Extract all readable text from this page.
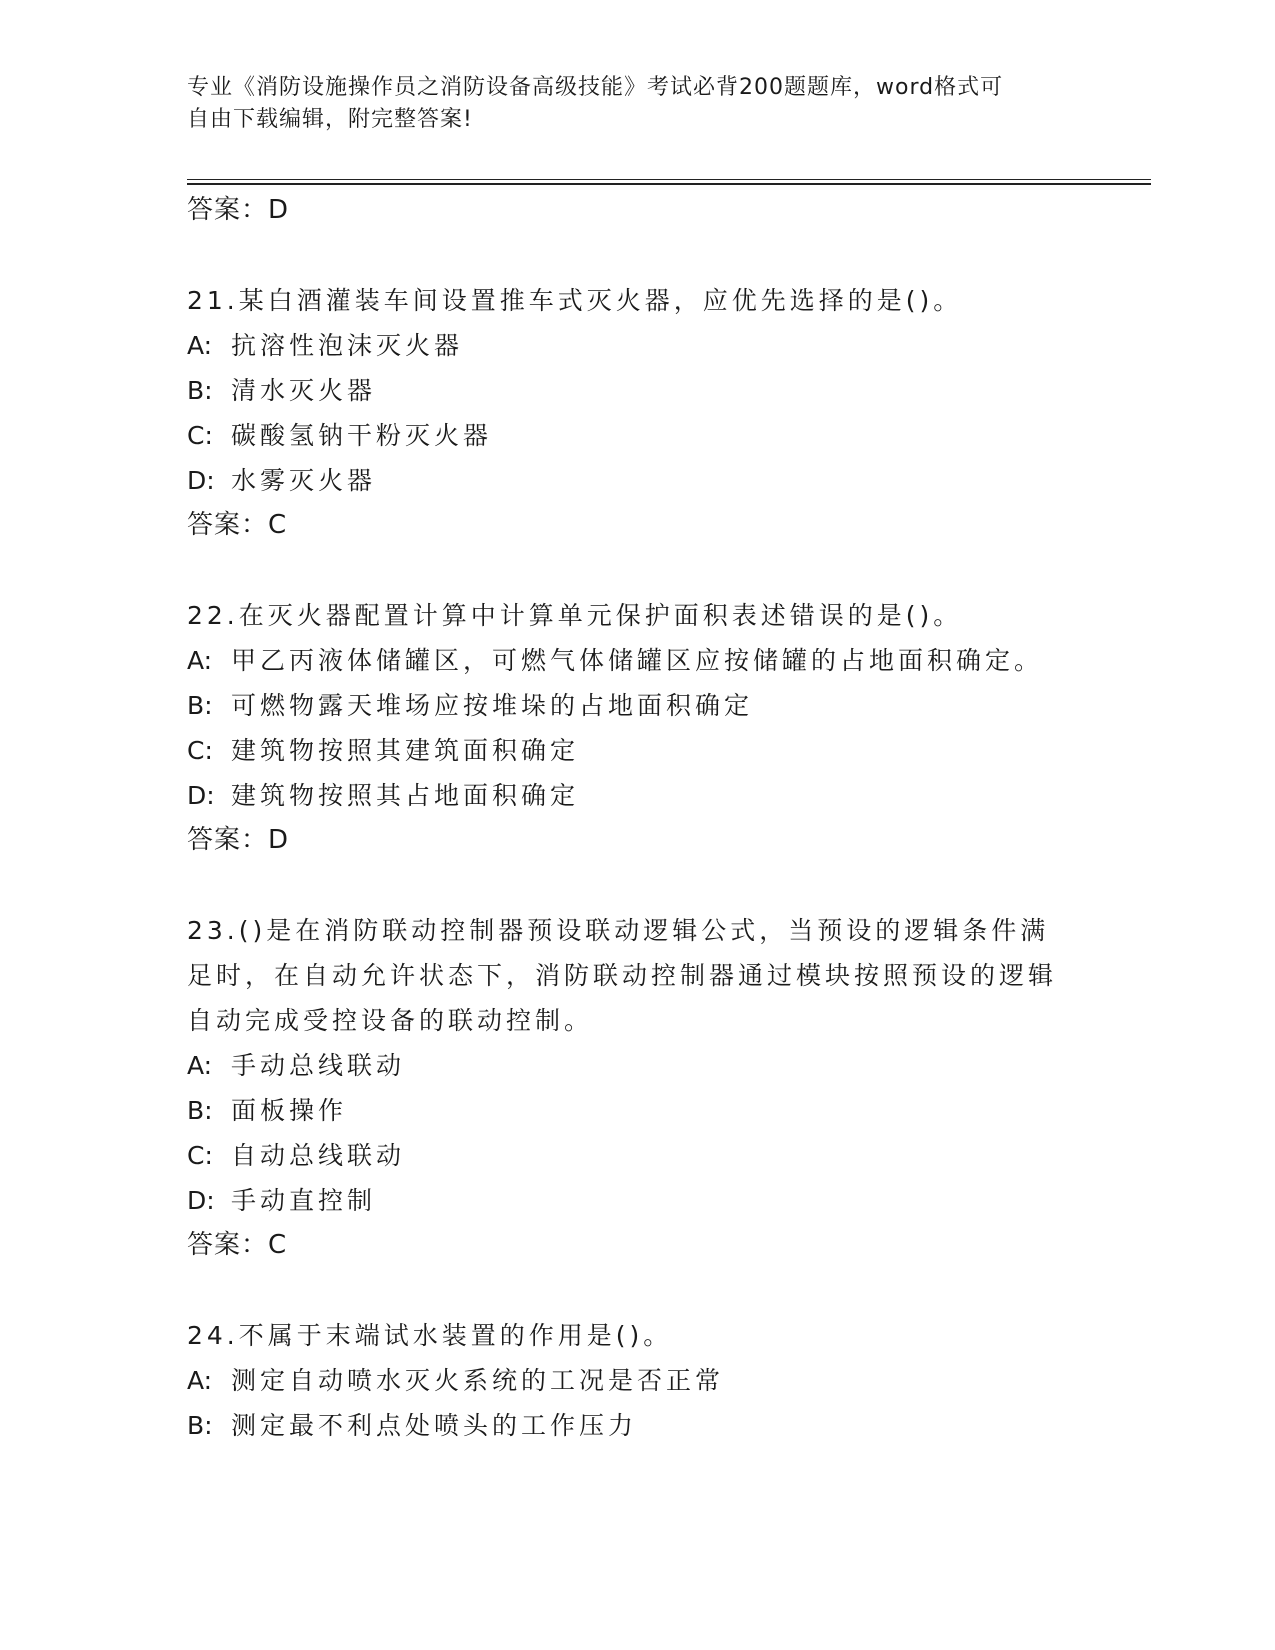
专业《消防设施操作员之消防设备高级技能》考试必背200题题库，word格式可
自由下载编辑，附完整答案!
答案：D
21.某白酒灌装车间设置推车式灭火器，应优先选择的是()。
A: 抗溶性泡沫灭火器
B: 清水灭火器
C: 碳酸氢钠干粉灭火器
D: 水雾灭火器
答案：C
22.在灭火器配置计算中计算单元保护面积表述错误的是()。
A: 甲乙丙液体储罐区，可燃气体储罐区应按储罐的占地面积确定。
B: 可燃物露天堆场应按堆垛的占地面积确定
C: 建筑物按照其建筑面积确定
D: 建筑物按照其占地面积确定
答案：D
23.()是在消防联动控制器预设联动逻辑公式，当预设的逻辑条件满
足时，在自动允许状态下，消防联动控制器通过模块按照预设的逻辑
自动完成受控设备的联动控制。
A: 手动总线联动
B: 面板操作
C: 自动总线联动
D: 手动直控制
答案：C
24.不属于末端试水装置的作用是()。
A: 测定自动喷水灭火系统的工况是否正常
B: 测定最不利点处喷头的工作压力
